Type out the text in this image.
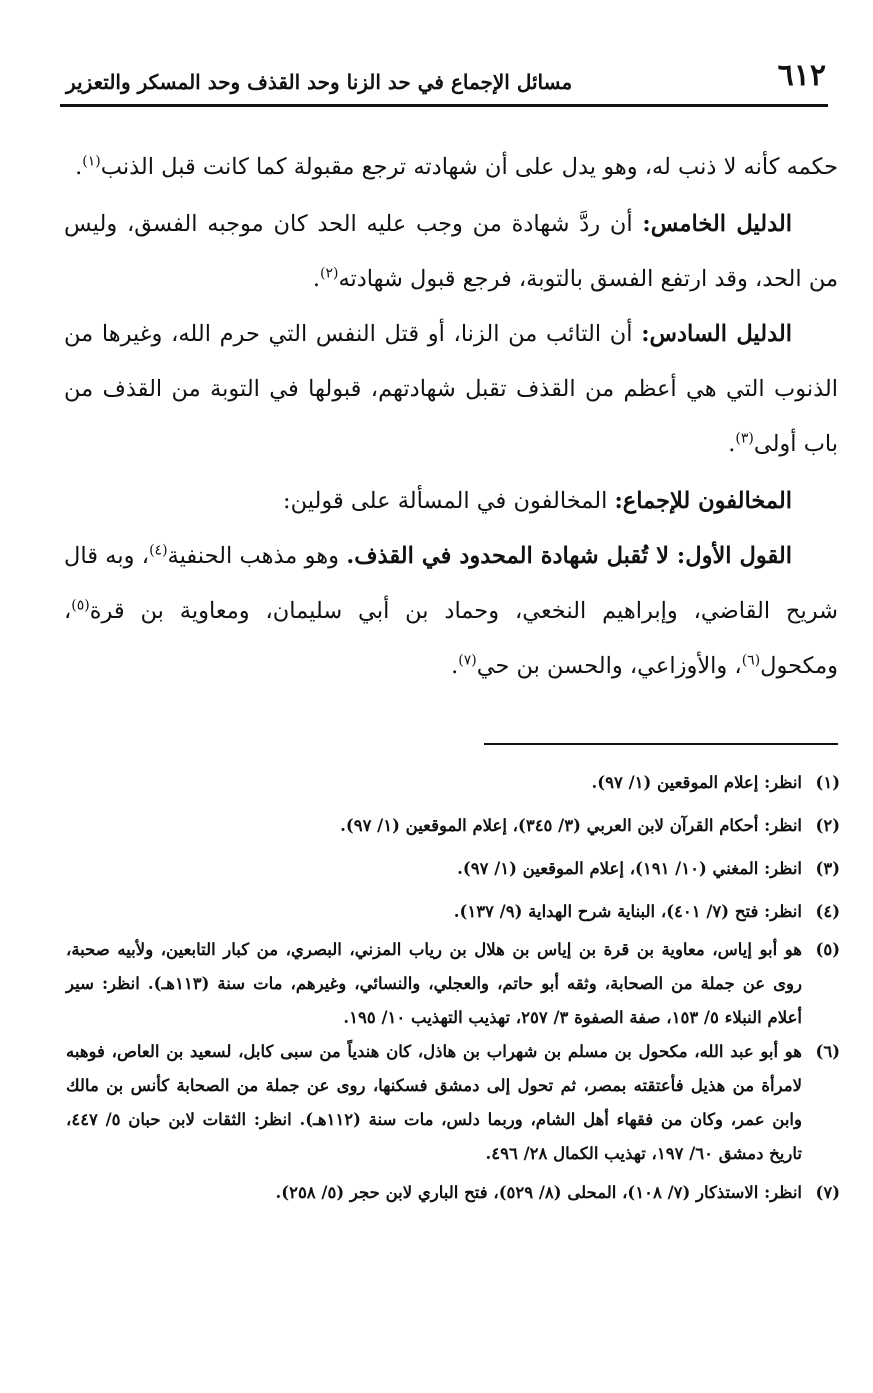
٦١٢
مسائل الإجماع في حد الزنا وحد القذف وحد المسكر والتعزير

حكمه كأنه لا ذنب له، وهو يدل على أن شهادته ترجع مقبولة كما كانت قبل الذنب$^{(١)}$.

الدليل الخامس: أن ردَّ شهادة من وجب عليه الحد كان موجبه الفسق، وليس من الحد، وقد ارتفع الفسق بالتوبة، فرجع قبول شهادته$^{(٢)}$.

الدليل السادس: أن التائب من الزنا، أو قتل النفس التي حرم الله، وغيرها من الذنوب التي هي أعظم من القذف تقبل شهادتهم، قبولها في التوبة من القذف من باب أولى$^{(٣)}$.

المخالفون للإجماع: المخالفون في المسألة على قولين:

القول الأول: لا تُقبل شهادة المحدود في القذف. وهو مذهب الحنفية$^{(٤)}$، وبه قال شريح القاضي، وإبراهيم النخعي، وحماد بن أبي سليمان، ومعاوية بن قرة$^{(٥)}$، ومكحول$^{(٦)}$، والأوزاعي، والحسن بن حي$^{(٧)}$.

(١)
انظر: إعلام الموقعين (١/ ٩٧).

(٢)
انظر: أحكام القرآن لابن العربي (٣/ ٣٤٥)، إعلام الموقعين (١/ ٩٧).

(٣)
انظر: المغني (١٠/ ١٩١)، إعلام الموقعين (١/ ٩٧).

(٤)
انظر: فتح (٧/ ٤٠١)، البناية شرح الهداية (٩/ ١٣٧).

(٥)
هو أبو إياس، معاوية بن قرة بن إياس بن هلال بن رياب المزني، البصري، من كبار التابعين، ولأبيه صحبة، روى عن جملة من الصحابة، وثقه أبو حاتم، والعجلي، والنسائي، وغيرهم، مات سنة (١١٣هـ). انظر: سير أعلام النبلاء ٥/ ١٥٣، صفة الصفوة ٣/ ٢٥٧، تهذيب التهذيب ١٠/ ١٩٥.

(٦)
هو أبو عبد الله، مكحول بن مسلم بن شهراب بن هاذل، كان هندياً من سبى كابل، لسعيد بن العاص، فوهبه لامرأة من هذيل فأعتقته بمصر، ثم تحول إلى دمشق فسكنها، روى عن جملة من الصحابة كأنس بن مالك وابن عمر، وكان من فقهاء أهل الشام، وربما دلس، مات سنة (١١٢هـ). انظر: الثقات لابن حبان ٥/ ٤٤٧، تاريخ دمشق ٦٠/ ١٩٧، تهذيب الكمال ٢٨/ ٤٩٦.

(٧)
انظر: الاستذكار (٧/ ١٠٨)، المحلى (٨/ ٥٢٩)، فتح الباري لابن حجر (٥/ ٢٥٨).
